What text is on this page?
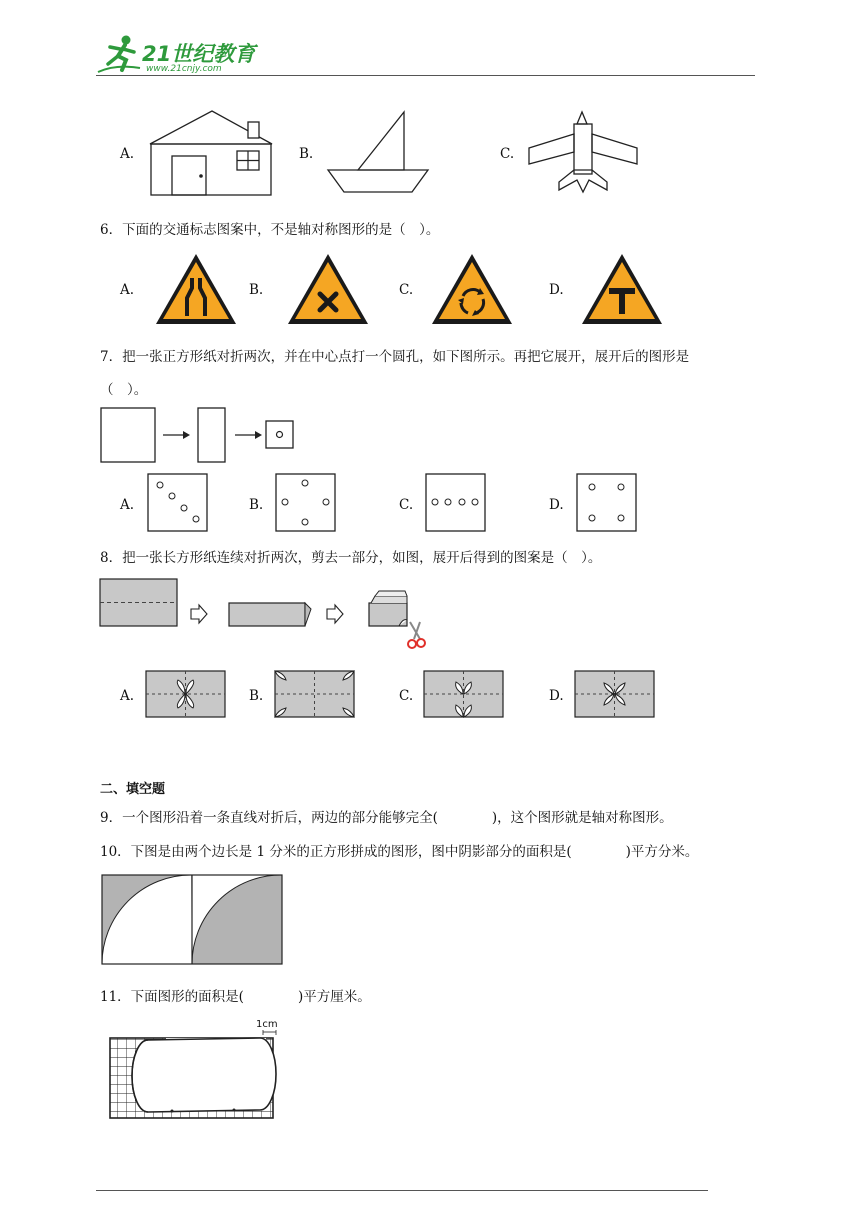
21世纪教育
www.21cnjy.com
A.	B.	C.
6．下面的交通标志图案中，不是轴对称图形的是（　）。
A.	B.	C.	D.
7．把一张正方形纸对折两次，并在中心点打一个圆孔，如下图所示。再把它展开，展开后的图形是
（　）。
A.	B.	C.	D.
8．把一张长方形纸连续对折两次，剪去一部分，如图，展开后得到的图案是（　）。
A.	B.	C.	D.
二、填空题
9．一个图形沿着一条直线对折后，两边的部分能够完全(　　　　)，这个图形就是轴对称图形。
10．下图是由两个边长是 1 分米的正方形拼成的图形，图中阴影部分的面积是(　　　　)平方分米。
11．下面图形的面积是(　　　　)平方厘米。
1cm
